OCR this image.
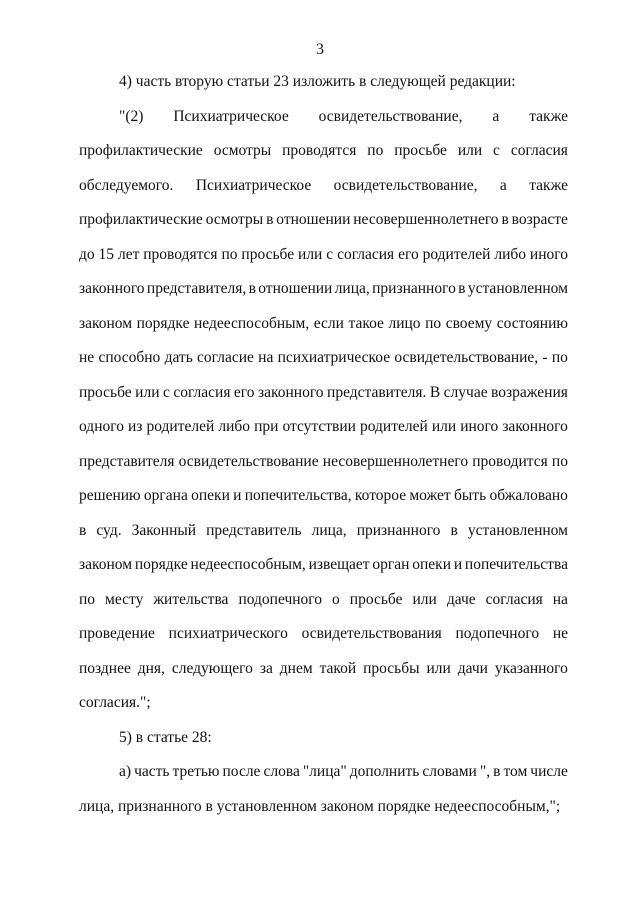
3
4) часть вторую статьи 23 изложить в следующей редакции:
"(2) Психиатрическое освидетельствование, а также
профилактические осмотры проводятся по просьбе или с согласия
обследуемого. Психиатрическое освидетельствование, а также
профилактические осмотры в отношении несовершеннолетнего в возрасте
до 15 лет проводятся по просьбе или с согласия его родителей либо иного
законного представителя, в отношении лица, признанного в установленном
законом порядке недееспособным, если такое лицо по своему состоянию
не способно дать согласие на психиатрическое освидетельствование, - по
просьбе или с согласия его законного представителя. В случае возражения
одного из родителей либо при отсутствии родителей или иного законного
представителя освидетельствование несовершеннолетнего проводится по
решению органа опеки и попечительства, которое может быть обжаловано
в суд. Законный представитель лица, признанного в установленном
законом порядке недееспособным, извещает орган опеки и попечительства
по месту жительства подопечного о просьбе или даче согласия на
проведение психиатрического освидетельствования подопечного не
позднее дня, следующего за днем такой просьбы или дачи указанного
согласия.";
5) в статье 28:
а) часть третью после слова "лица" дополнить словами ", в том числе
лица, признанного в установленном законом порядке недееспособным,";
